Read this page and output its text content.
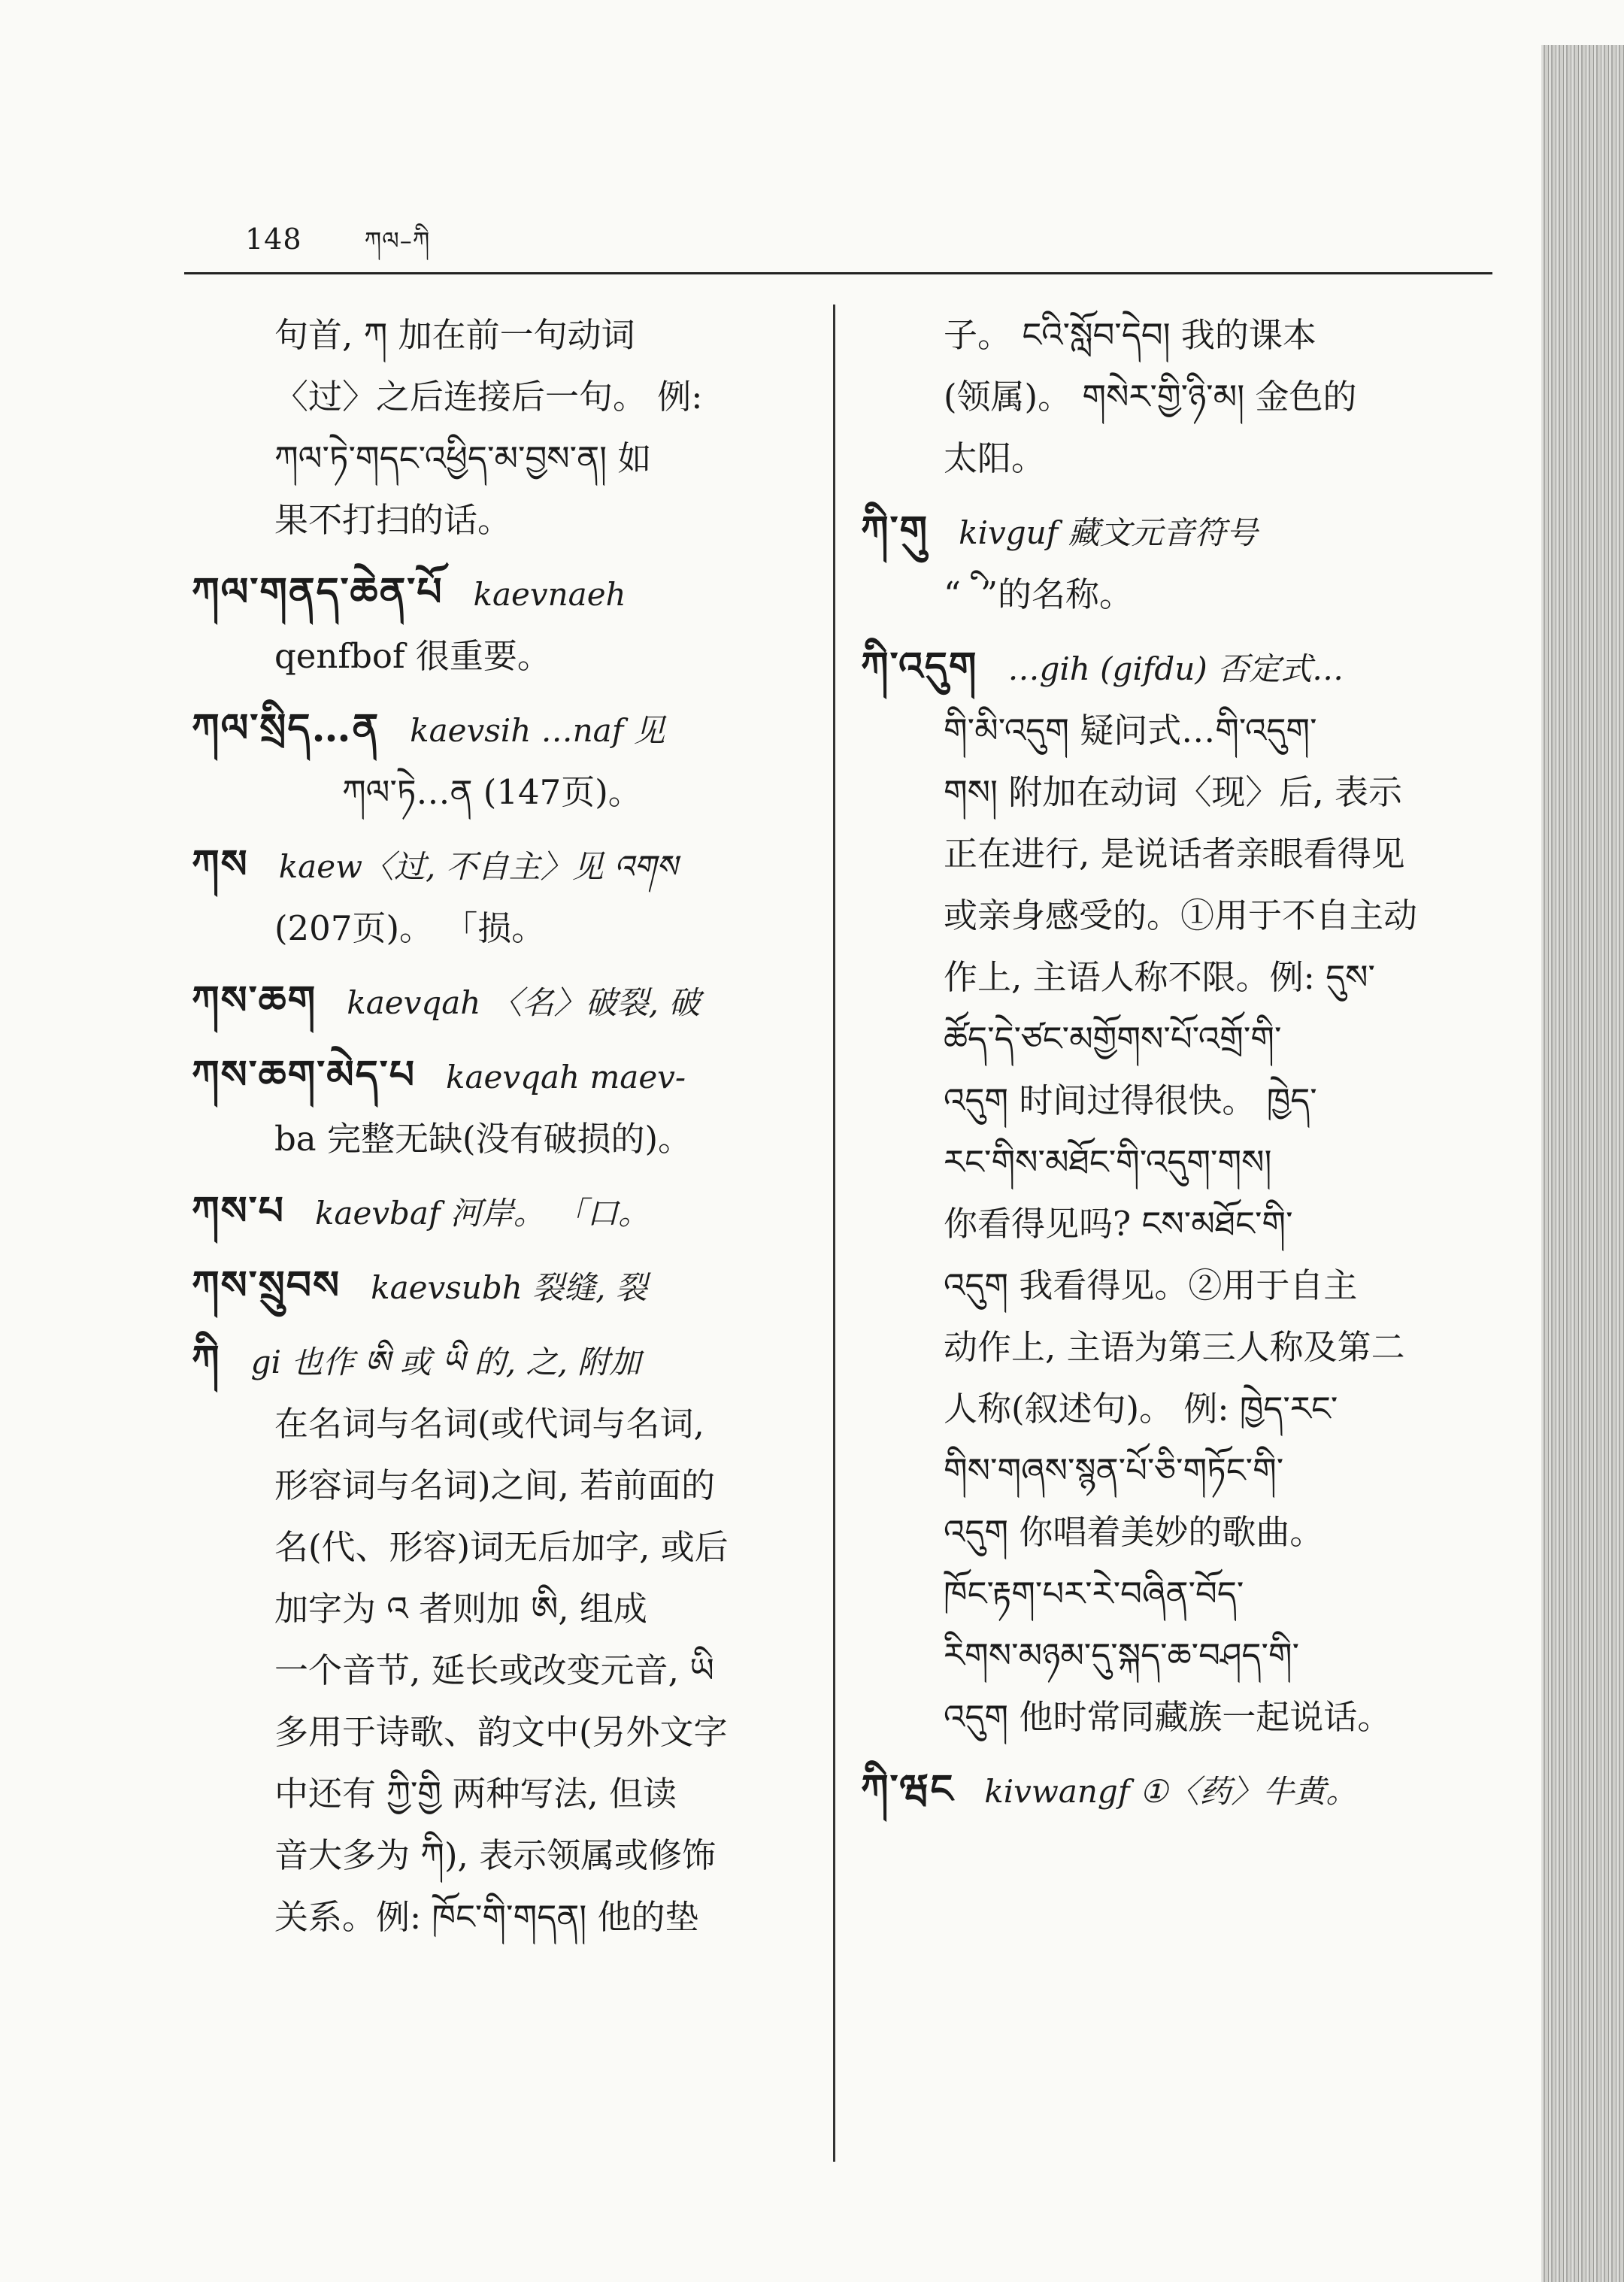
148	ཀལ–ཀི
句首, ཀ 加在前一句动词
〈过〉之后连接后一句。 例:
ཀལ་ཏེ་གདང་འཕྱིད་མ་བྱས་ན། 如
果不打扫的话。
ཀལ་གནད་ཆེན་པོ kaevnaeh
qenfbof 很重要。
ཀལ་སྲིད…ན kaevsih …naf 见
ཀལ་ཏེ…ན (147页)。
ཀས kaew〈过, 不自主〉见 འགས
(207页)。 「损。
ཀས་ཆག kaevqah 〈名〉破裂, 破
ཀས་ཆག་མེད་པ kaevqah maev-
ba 完整无缺(没有破损的)。
ཀས་པ kaevbaf 河岸。 「口。
ཀས་སྲུབས kaevsubh 裂缝, 裂
ཀི gi 也作 ཨི 或 ཡི 的, 之, 附加
在名词与名词(或代词与名词,
形容词与名词)之间, 若前面的
名(代、形容)词无后加字, 或后
加字为 འ 者则加 ཨི, 组成
一个音节, 延长或改变元音, ཡི
多用于诗歌、韵文中(另外文字
中还有 ཀྱི་གྱི 两种写法, 但读
音大多为 ཀི), 表示领属或修饰
关系。例: ཁོང་གི་གདན། 他的垫
子。 ངའི་སློབ་དེབ། 我的课本
(领属)。 གསེར་གྱི་ཉི་མ། 金色的
太阳。
ཀི་གུ kivguf 藏文元音符号
“ ི ”的名称。
ཀི་འདུག …gih (gifdu) 否定式…
གི་མི་འདུག 疑问式…གི་འདུག་
གས། 附加在动词〈现〉后, 表示
正在进行, 是说话者亲眼看得见
或亲身感受的。①用于不自主动
作上, 主语人称不限。例: དུས་
ཚོད་དེ་ཙང་མགྱོགས་པོ་འགྲོ་གི་
འདུག 时间过得很快。 ཁྱེད་
རང་གིས་མཐོང་གི་འདུག་གས།
你看得见吗? ངས་མཐོང་གི་
འདུག 我看得见。②用于自主
动作上, 主语为第三人称及第二
人称(叙述句)。 例: ཁྱེད་རང་
གིས་གཞས་སྙན་པོ་ཅི་གཏོང་གི་
འདུག 你唱着美妙的歌曲。
ཁོང་རྟག་པར་རེ་བཞིན་བོད་
རིགས་མཉམ་དུ་སྐད་ཆ་བཤད་གི་
འདུག 他时常同藏族一起说话。
ཀི་ཝང kivwangf ①〈药〉牛黄。
